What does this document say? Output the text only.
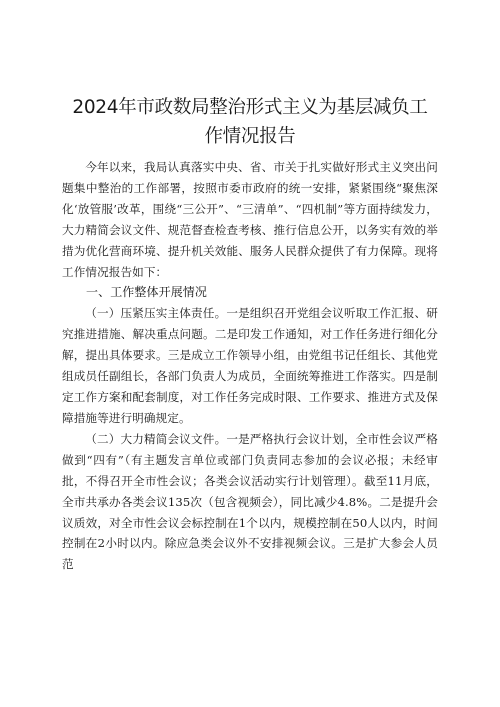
2024年市政数局整治形式主义为基层减负工
作情况报告

今年以来，我局认真落实中央、省、市关于扎实做好形式主义突出问题集中整治的工作部署，按照市委市政府的统一安排，紧紧围绕“聚焦深化‘放管服’改革，围绕“三公开”、“三清单”、“四机制”等方面持续发力，大力精简会议文件、规范督查检查考核、推行信息公开，以务实有效的举措为优化营商环境、提升机关效能、服务人民群众提供了有力保障。现将工作情况报告如下：

一、工作整体开展情况

（一）压紧压实主体责任。一是组织召开党组会议听取工作汇报、研究推进措施、解决重点问题。二是印发工作通知，对工作任务进行细化分解，提出具体要求。三是成立工作领导小组，由党组书记任组长、其他党组成员任副组长，各部门负责人为成员，全面统筹推进工作落实。四是制定工作方案和配套制度，对工作任务完成时限、工作要求、推进方式及保障措施等进行明确规定。

（二）大力精简会议文件。一是严格执行会议计划，全市性会议严格做到“四有”（有主题发言单位或部门负责同志参加的会议必报；未经审批，不得召开全市性会议；各类会议活动实行计划管理）。截至11月底，全市共承办各类会议135次（包含视频会），同比减少4.8%。二是提升会议质效，对全市性会议会标控制在1个以内，规模控制在50人以内，时间控制在2小时以内。除应急类会议外不安排视频会议。三是扩大参会人员范
